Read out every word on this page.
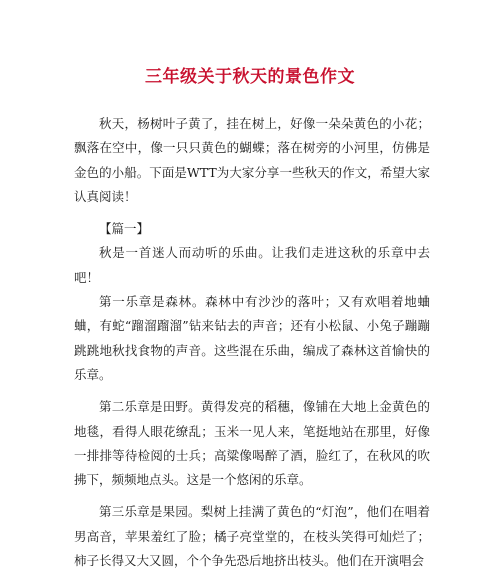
三年级关于秋天的景色作文

秋天，杨树叶子黄了，挂在树上，好像一朵朵黄色的小花；飘落在空中，像一只只黄色的蝴蝶；落在树旁的小河里，仿佛是金色的小船。下面是WTT为大家分享一些秋天的作文，希望大家认真阅读！

【篇一】

秋是一首迷人而动听的乐曲。让我们走进这秋的乐章中去吧！

第一乐章是森林。森林中有沙沙的落叶；又有欢唱着地蛐蛐，有蛇“蹓溜蹓溜”钻来钻去的声音；还有小松鼠、小兔子蹦蹦跳跳地秋找食物的声音。这些混在乐曲，编成了森林这首愉快的乐章。

第二乐章是田野。黄得发亮的稻穗，像铺在大地上金黄色的地毯，看得人眼花缭乱；玉米一见人来，笔挺地站在那里，好像一排排等待检阅的士兵；高粱像喝醉了酒，脸红了，在秋风的吹拂下，频频地点头。这是一个悠闲的乐章。

第三乐章是果园。梨树上挂满了黄色的“灯泡”，他们在唱着男高音，苹果羞红了脸；橘子亮堂堂的，在枝头笑得可灿烂了；柿子长得又大又圆，个个争先恐后地挤出枝头。他们在开演唱会
